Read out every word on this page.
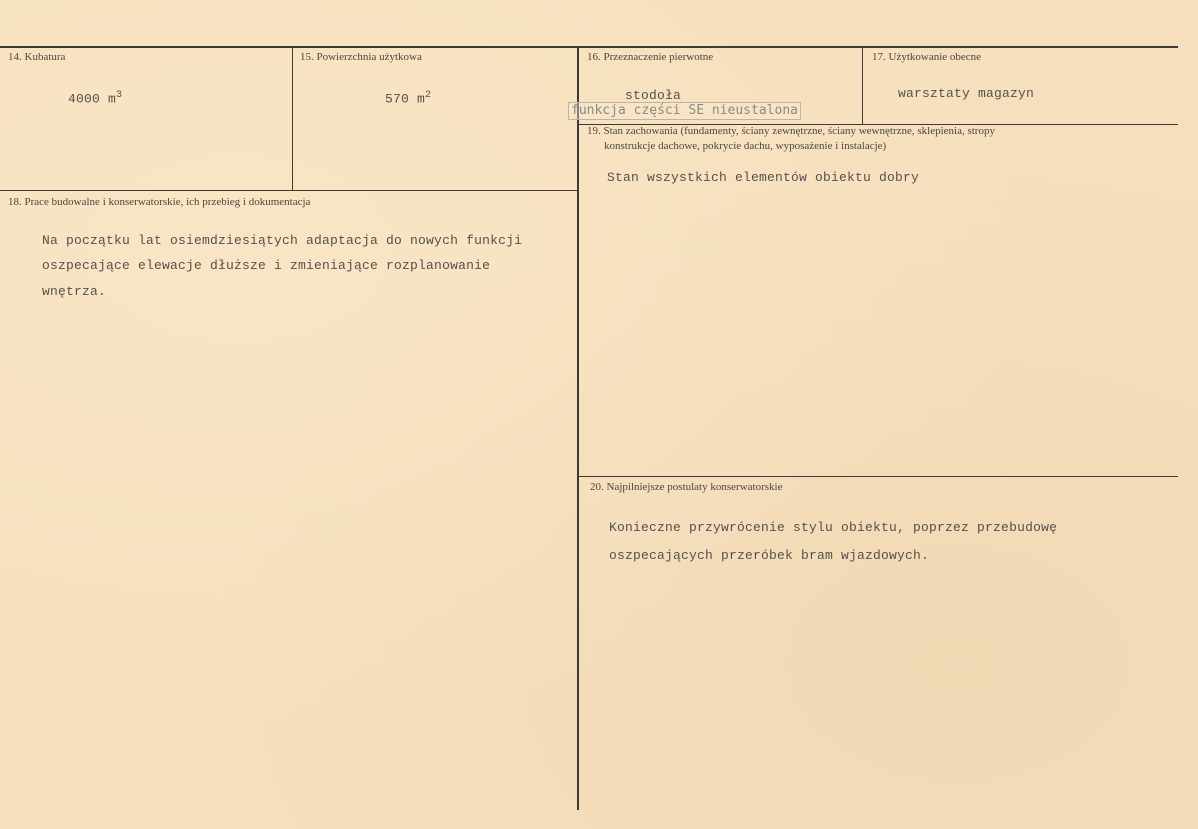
14. Kubatura
4000 $m^3$
15. Powierzchnia użytkowa
570 $m^2$
16. Przeznaczenie pierwotne
stodoła
funkcja części SE nieustalona
17. Użytkowanie obecne
warsztaty magazyn
18. Prace budowalne i konserwatorskie, ich przebieg i dokumentacja
Na początku lat osiemdziesiątych adaptacja do nowych funkcji
oszpecające elewacje dłuższe i zmieniające rozplanowanie
wnętrza.
19. Stan zachowania (fundamenty, ściany zewnętrzne, ściany wewnętrzne, sklepienia, stropy
konstrukcje dachowe, pokrycie dachu, wyposażenie i instalacje)
Stan wszystkich elementów obiektu dobry
20. Najpilniejsze postulaty konserwatorskie
Konieczne przywrócenie stylu obiektu, poprzez przebudowę
oszpecających przeróbek bram wjazdowych.
